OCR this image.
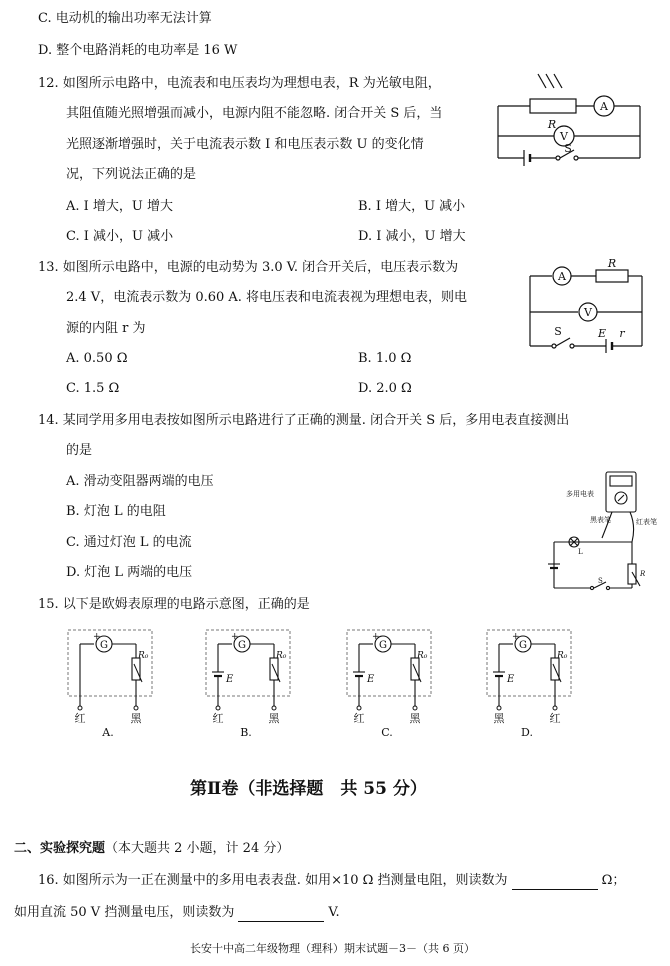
C. 电动机的输出功率无法计算
D. 整个电路消耗的电功率是 16 W
12. 如图所示电路中，电流表和电压表均为理想电表，R 为光敏电阻，
其阻值随光照增强而减小，电源内阻不能忽略. 闭合开关 S 后，当
光照逐渐增强时，关于电流表示数 I 和电压表示数 U 的变化情
况，下列说法正确的是
A. I 增大，U 增大	B. I 增大，U 减小
C. I 减小，U 减小	D. I 减小，U 增大
A
V
R
S
13. 如图所示电路中，电源的电动势为 3.0 V. 闭合开关后，电压表示数为
2.4 V，电流表示数为 0.60 A. 将电压表和电流表视为理想电表，则电
源的内阻 r 为
A. 0.50 Ω	B. 1.0 Ω
C. 1.5 Ω	D. 2.0 Ω
A
V
R
S	E r
14. 某同学用多用电表按如图所示电路进行了正确的测量. 闭合开关 S 后，多用电表直接测出
的是
A. 滑动变阻器两端的电压
B. 灯泡 L 的电阻
C. 通过灯泡 L 的电流
D. 灯泡 L 两端的电压
多用电表
黑表笔	红表笔
L
S
R
15. 以下是欧姆表原理的电路示意图，正确的是
G
+
R₀
红	黑
A.
G
+
R₀
E
红	黑
B.
G
+
R₀
E
红	黑
C.
G
+
R₀
E
黑	红
D.
第Ⅱ卷（非选择题　共 55 分）
二、实验探究题（本大题共 2 小题，计 24 分）
16. 如图所示为一正在测量中的多用电表表盘. 如用×10 Ω 挡测量电阻，则读数为	Ω；
如用直流 50 V 挡测量电压，则读数为	V.
长安十中高二年级物理（理科）期末试题－3－（共 6 页）
